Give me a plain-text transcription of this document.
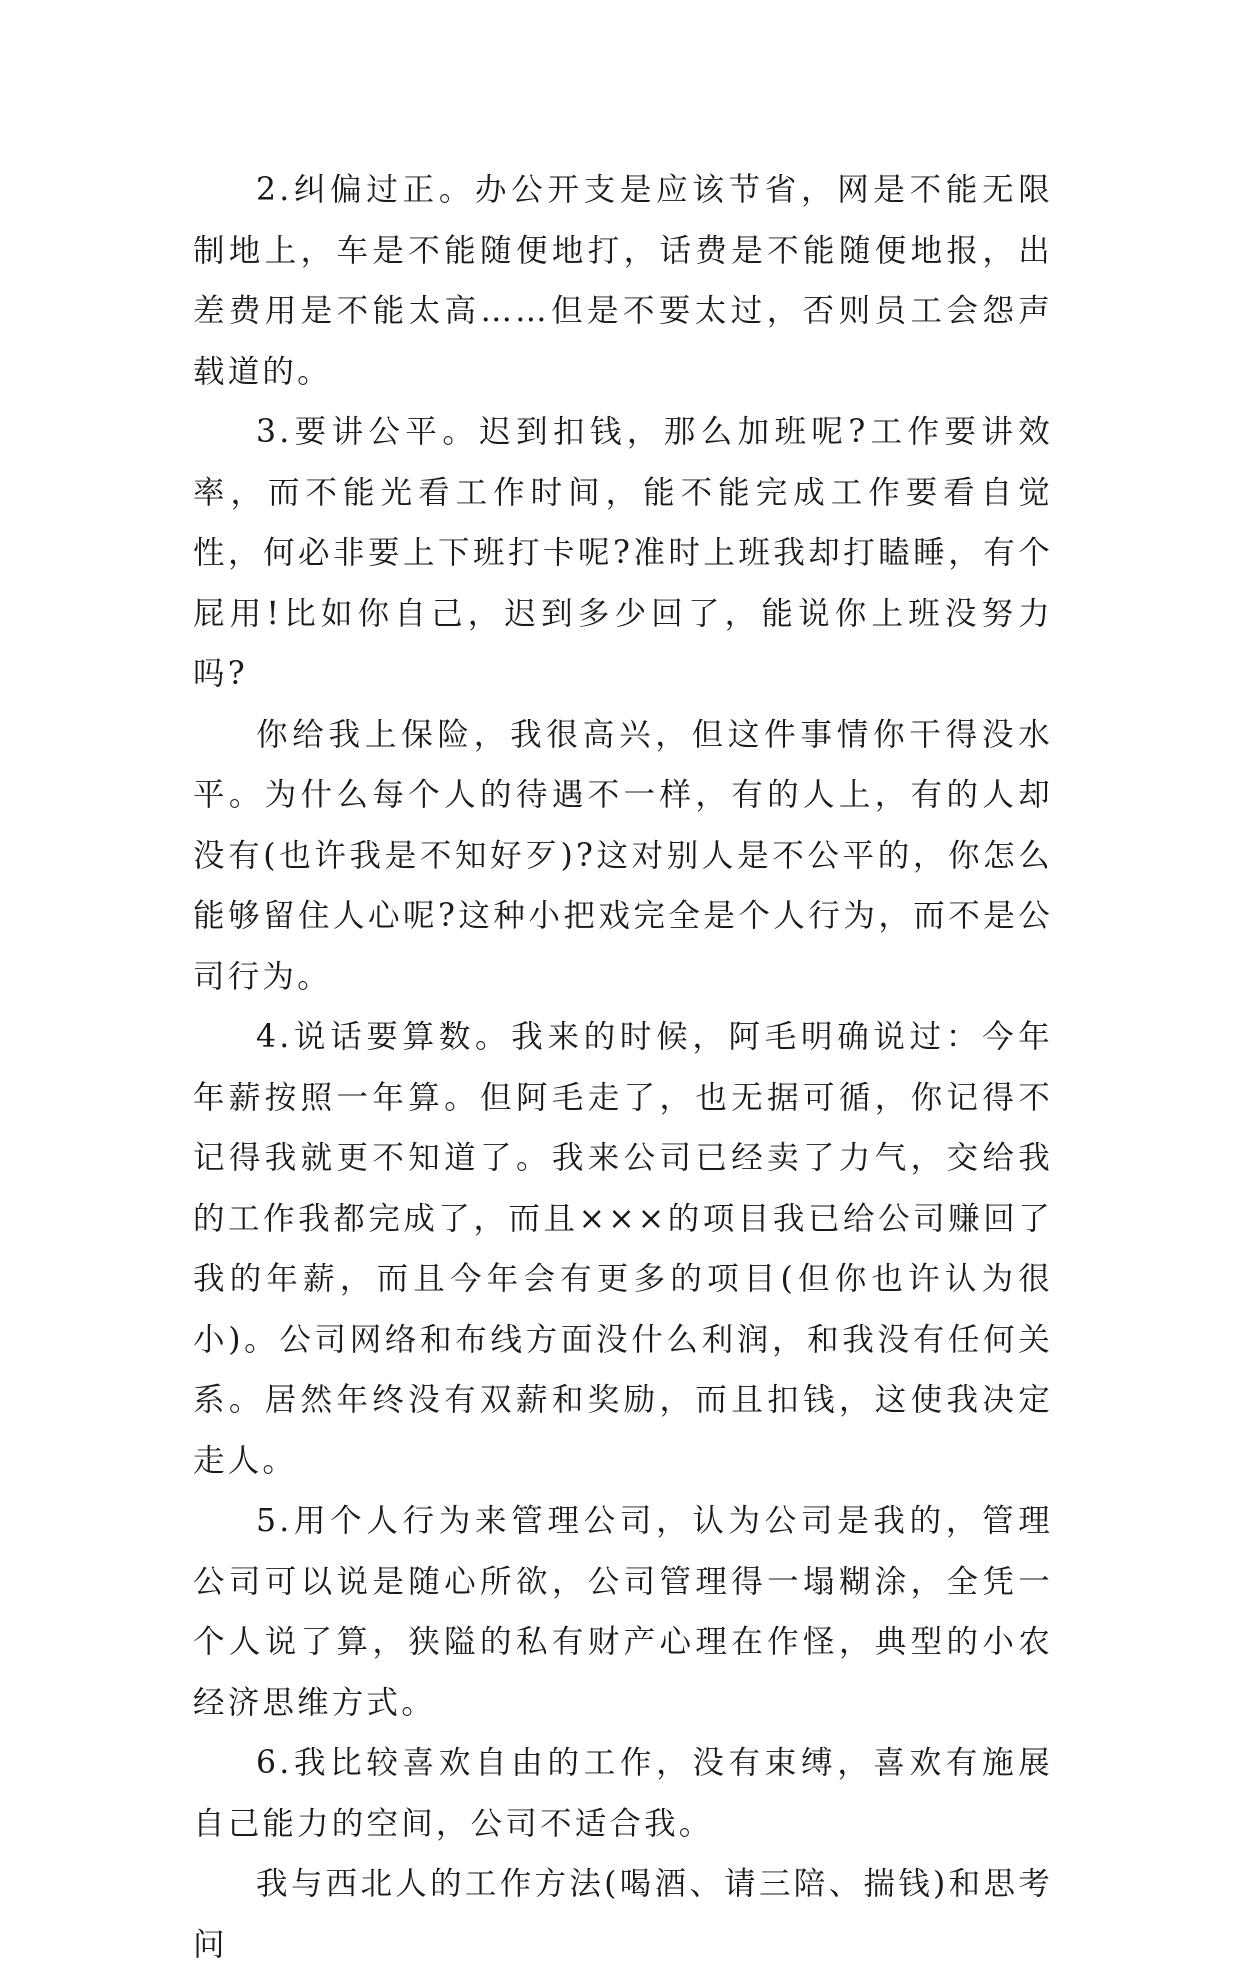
2.纠偏过正。办公开支是应该节省，网是不能无限制地上，车是不能随便地打，话费是不能随便地报，出差费用是不能太高……但是不要太过，否则员工会怨声载道的。

3.要讲公平。迟到扣钱，那么加班呢?工作要讲效率，而不能光看工作时间，能不能完成工作要看自觉性，何必非要上下班打卡呢?准时上班我却打瞌睡，有个屁用!比如你自己，迟到多少回了，能说你上班没努力吗?

你给我上保险，我很高兴，但这件事情你干得没水平。为什么每个人的待遇不一样，有的人上，有的人却没有(也许我是不知好歹)?这对别人是不公平的，你怎么能够留住人心呢?这种小把戏完全是个人行为，而不是公司行为。

4.说话要算数。我来的时候，阿毛明确说过：今年年薪按照一年算。但阿毛走了，也无据可循，你记得不记得我就更不知道了。我来公司已经卖了力气，交给我的工作我都完成了，而且×××的项目我已给公司赚回了我的年薪，而且今年会有更多的项目(但你也许认为很小)。公司网络和布线方面没什么利润，和我没有任何关系。居然年终没有双薪和奖励，而且扣钱，这使我决定走人。

5.用个人行为来管理公司，认为公司是我的，管理公司可以说是随心所欲，公司管理得一塌糊涂，全凭一个人说了算，狭隘的私有财产心理在作怪，典型的小农经济思维方式。

6.我比较喜欢自由的工作，没有束缚，喜欢有施展自己能力的空间，公司不适合我。

我与西北人的工作方法(喝酒、请三陪、揣钱)和思考问
